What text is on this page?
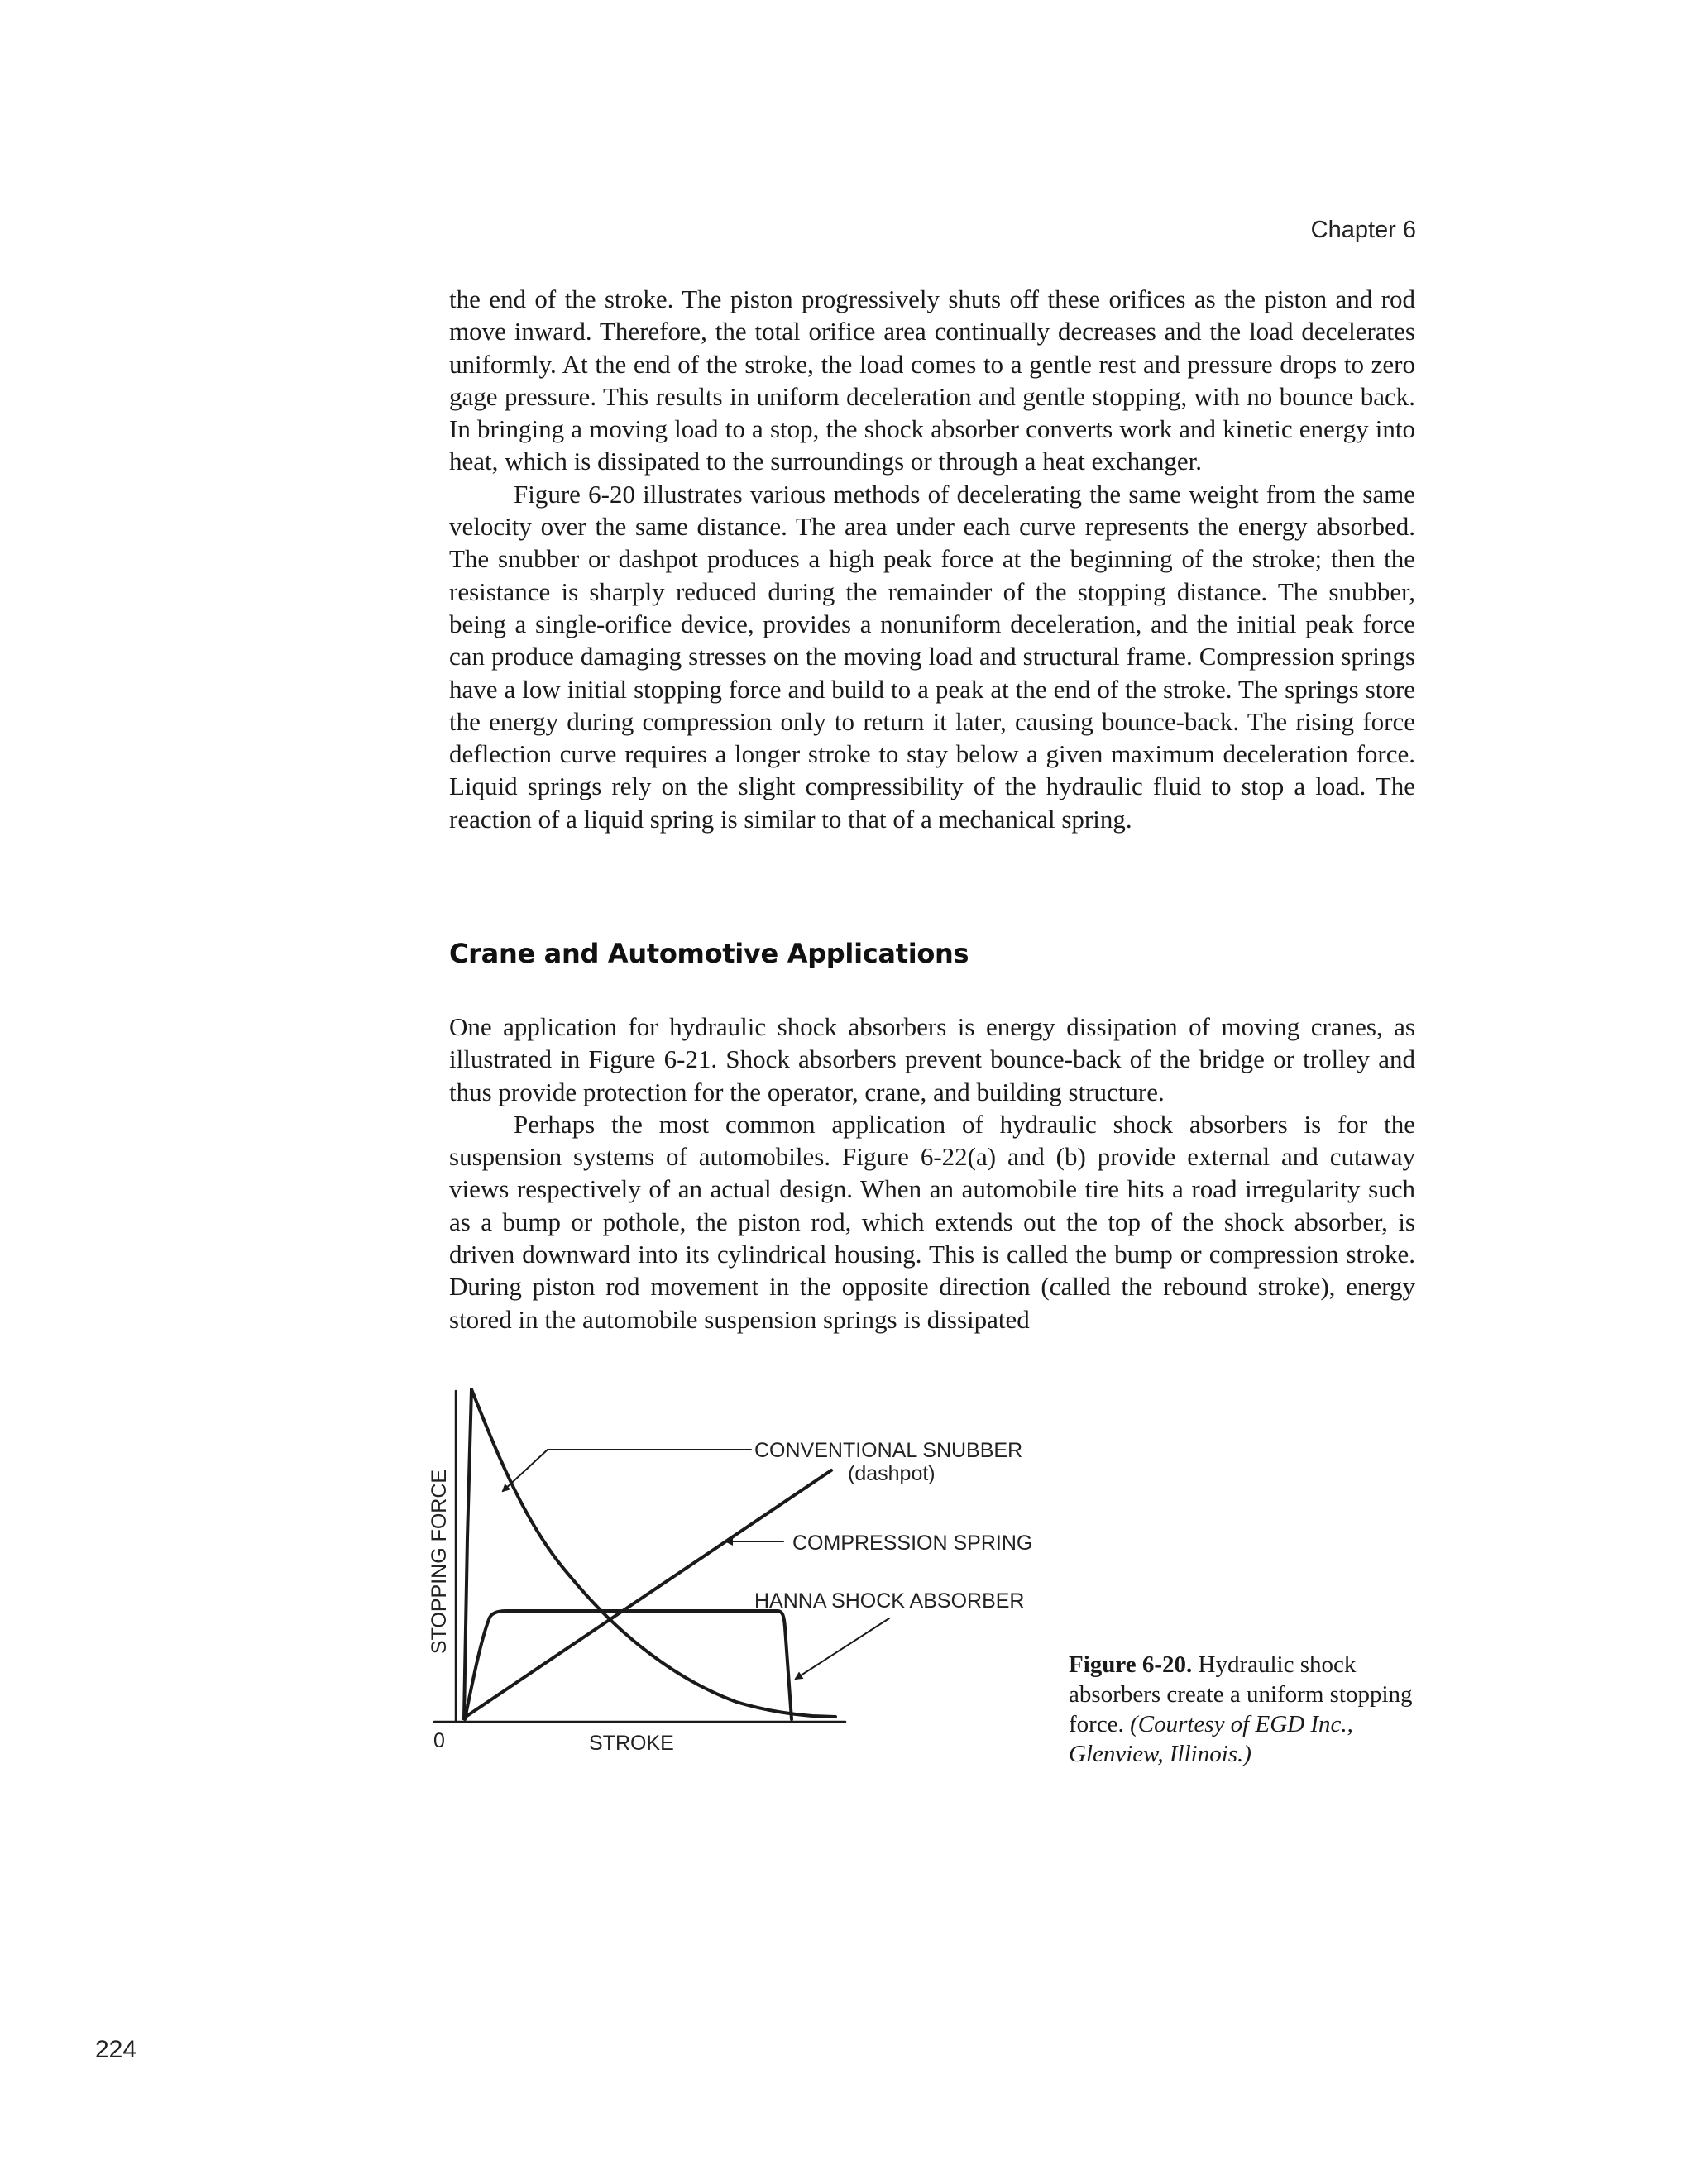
Chapter 6

the end of the stroke. The piston progressively shuts off these orifices as the piston and rod move inward. Therefore, the total orifice area continually decreases and the load decelerates uniformly. At the end of the stroke, the load comes to a gentle rest and pressure drops to zero gage pressure. This results in uniform deceleration and gentle stopping, with no bounce back. In bringing a moving load to a stop, the shock absorber converts work and kinetic energy into heat, which is dissipated to the surroundings or through a heat exchanger.

Figure 6-20 illustrates various methods of decelerating the same weight from the same velocity over the same distance. The area under each curve represents the energy absorbed. The snubber or dashpot produces a high peak force at the beginning of the stroke; then the resistance is sharply reduced during the remainder of the stopping distance. The snubber, being a single-orifice device, provides a nonuniform deceleration, and the initial peak force can produce damaging stresses on the moving load and structural frame. Compression springs have a low initial stopping force and build to a peak at the end of the stroke. The springs store the energy during compression only to return it later, causing bounce-back. The rising force deflection curve requires a longer stroke to stay below a given maximum deceleration force. Liquid springs rely on the slight compressibility of the hydraulic fluid to stop a load. The reaction of a liquid spring is similar to that of a mechanical spring.

Crane and Automotive Applications

One application for hydraulic shock absorbers is energy dissipation of moving cranes, as illustrated in Figure 6-21. Shock absorbers prevent bounce-back of the bridge or trolley and thus provide protection for the operator, crane, and building structure.

Perhaps the most common application of hydraulic shock absorbers is for the suspension systems of automobiles. Figure 6-22(a) and (b) provide external and cutaway views respectively of an actual design. When an automobile tire hits a road irregularity such as a bump or pothole, the piston rod, which extends out the top of the shock absorber, is driven downward into its cylindrical housing. This is called the bump or compression stroke. During piston rod movement in the opposite direction (called the rebound stroke), energy stored in the automobile suspension springs is dissipated

STOPPING FORCE
0	STROKE
CONVENTIONAL SNUBBER
(dashpot)
COMPRESSION SPRING
HANNA SHOCK ABSORBER
Figure 6-20. Hydraulic shock absorbers create a uniform stopping force. (Courtesy of EGD Inc., Glenview, Illinois.)
224
